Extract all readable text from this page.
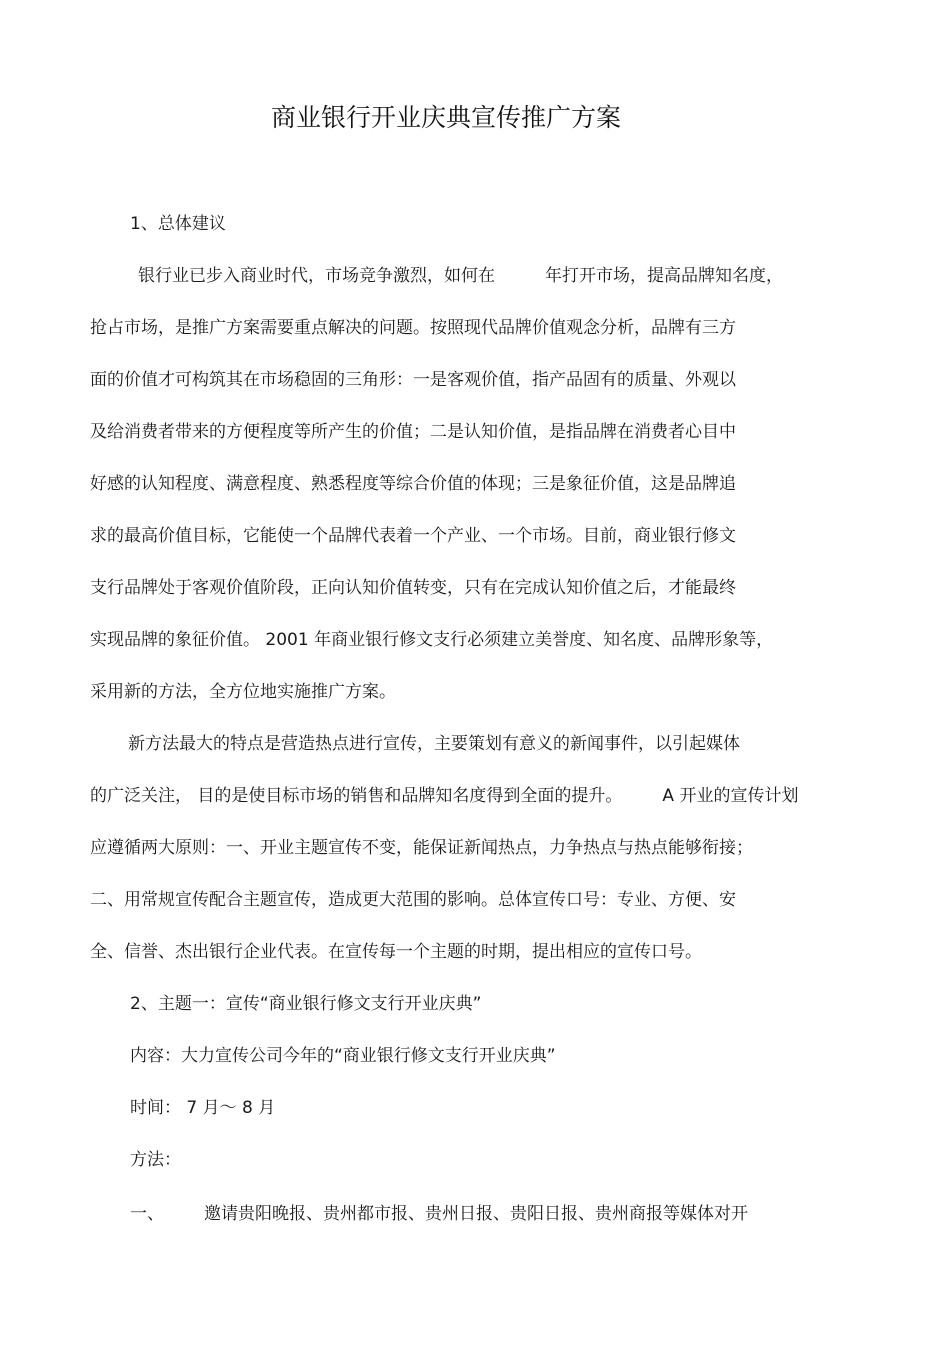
商业银行开业庆典宣传推广方案
1、总体建议
银行业已步入商业时代，市场竞争激烈，如何在	年打开市场，提高品牌知名度，
抢占市场，是推广方案需要重点解决的问题。按照现代品牌价值观念分析，品牌有三方
面的价值才可构筑其在市场稳固的三角形：一是客观价值，指产品固有的质量、外观以
及给消费者带来的方便程度等所产生的价值；二是认知价值，是指品牌在消费者心目中
好感的认知程度、满意程度、熟悉程度等综合价值的体现；三是象征价值，这是品牌追
求的最高价值目标，它能使一个品牌代表着一个产业、一个市场。目前，商业银行修文
支行品牌处于客观价值阶段，正向认知价值转变，只有在完成认知价值之后，才能最终
实现品牌的象征价值。 2001 年商业银行修文支行必须建立美誉度、知名度、品牌形象等，
采用新的方法，全方位地实施推广方案。
新方法最大的特点是营造热点进行宣传，主要策划有意义的新闻事件，以引起媒体
的广泛关注， 目的是使目标市场的销售和品牌知名度得到全面的提升。 A 开业的宣传计划
应遵循两大原则：一、开业主题宣传不变，能保证新闻热点，力争热点与热点能够衔接；
二、用常规宣传配合主题宣传，造成更大范围的影响。总体宣传口号：专业、方便、安
全、信誉、杰出银行企业代表。在宣传每一个主题的时期，提出相应的宣传口号。
2、主题一：宣传“商业银行修文支行开业庆典”
内容：大力宣传公司今年的“商业银行修文支行开业庆典”
时间： 7 月～ 8 月
方法：
一、 邀请贵阳晚报、贵州都市报、贵州日报、贵阳日报、贵州商报等媒体对开
